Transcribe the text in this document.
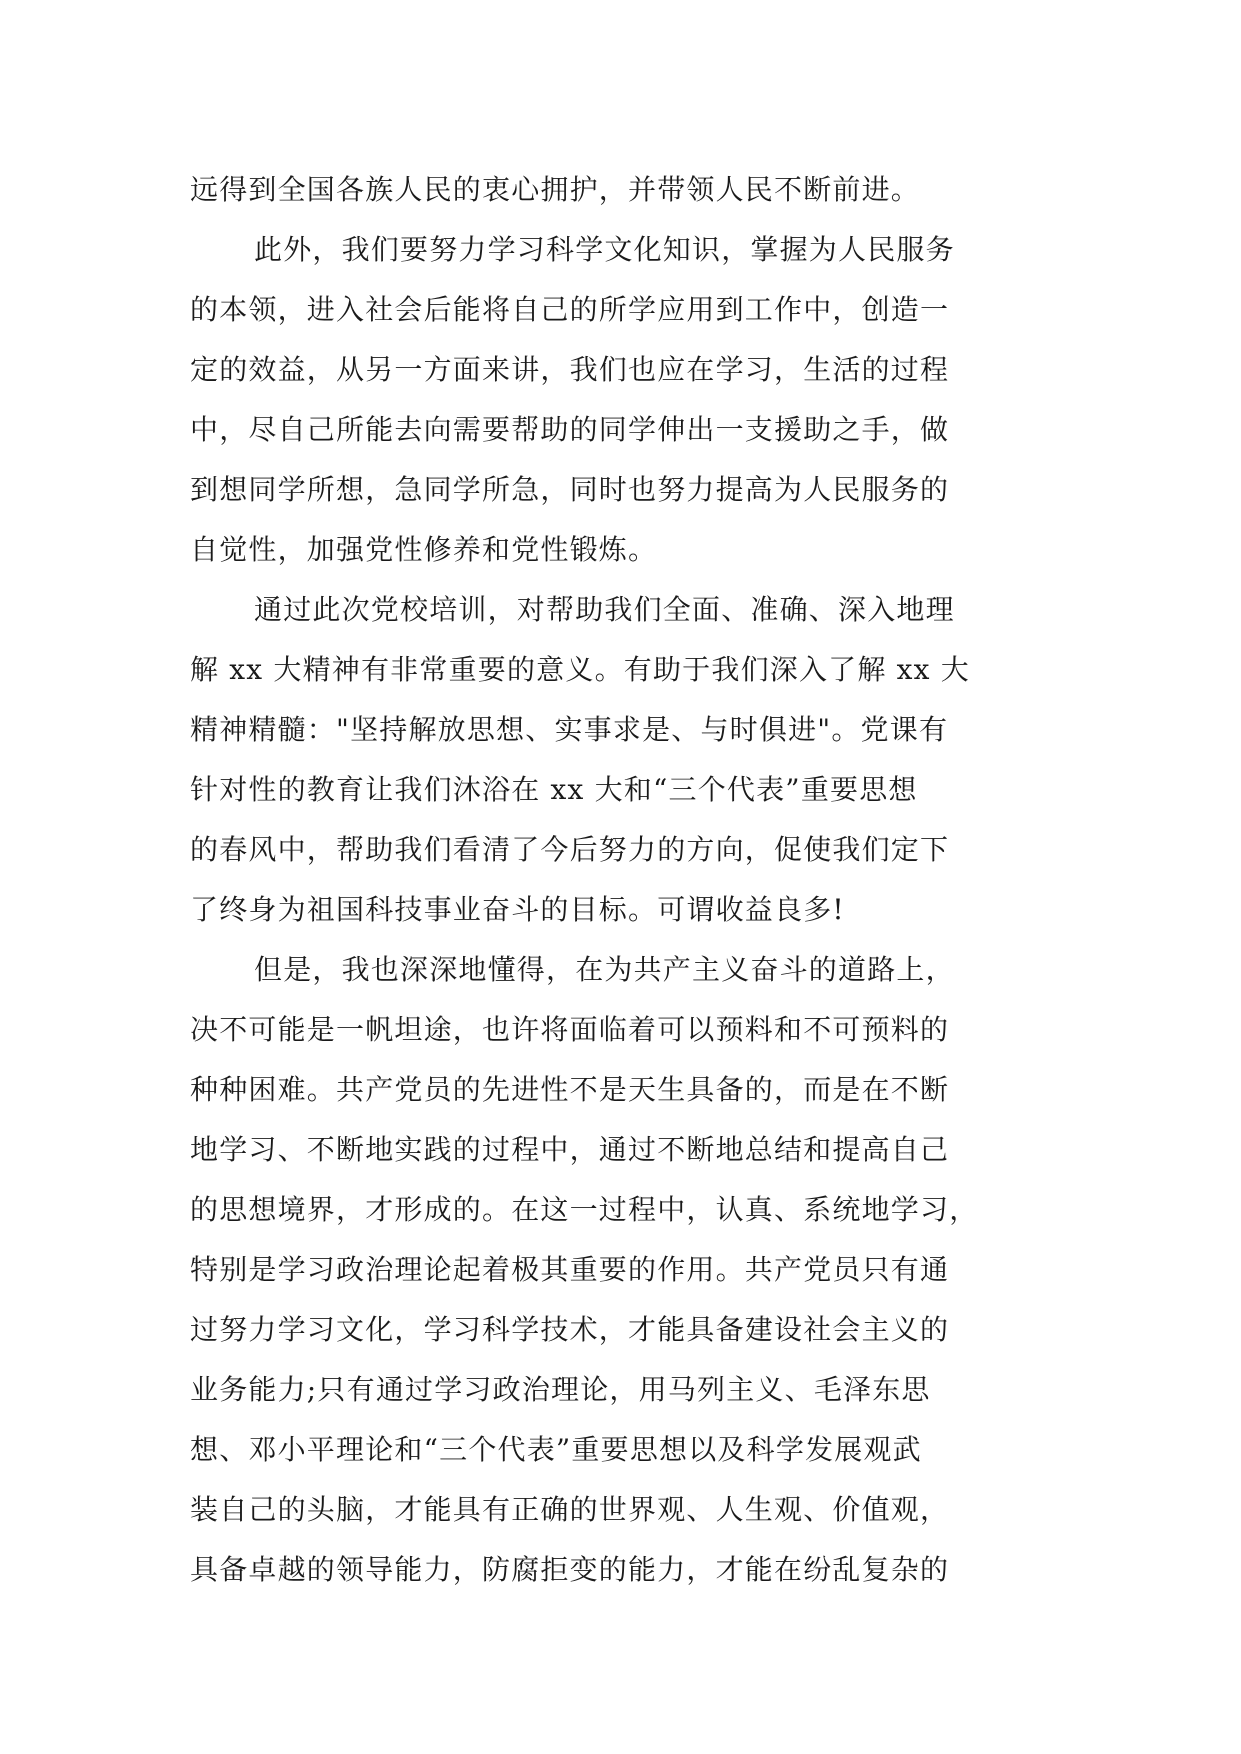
远得到全国各族人民的衷心拥护，并带领人民不断前进。
此外，我们要努力学习科学文化知识，掌握为人民服务
的本领，进入社会后能将自己的所学应用到工作中，创造一
定的效益，从另一方面来讲，我们也应在学习，生活的过程
中，尽自己所能去向需要帮助的同学伸出一支援助之手，做
到想同学所想，急同学所急，同时也努力提高为人民服务的
自觉性，加强党性修养和党性锻炼。
通过此次党校培训，对帮助我们全面、准确、深入地理
解 xx 大精神有非常重要的意义。有助于我们深入了解 xx 大
精神精髓："坚持解放思想、实事求是、与时俱进"。党课有
针对性的教育让我们沐浴在 xx 大和“三个代表”重要思想
的春风中，帮助我们看清了今后努力的方向，促使我们定下
了终身为祖国科技事业奋斗的目标。可谓收益良多!
但是，我也深深地懂得，在为共产主义奋斗的道路上，
决不可能是一帆坦途，也许将面临着可以预料和不可预料的
种种困难。共产党员的先进性不是天生具备的，而是在不断
地学习、不断地实践的过程中，通过不断地总结和提高自己
的思想境界，才形成的。在这一过程中，认真、系统地学习，
特别是学习政治理论起着极其重要的作用。共产党员只有通
过努力学习文化，学习科学技术，才能具备建设社会主义的
业务能力;只有通过学习政治理论，用马列主义、毛泽东思
想、邓小平理论和“三个代表”重要思想以及科学发展观武
装自己的头脑，才能具有正确的世界观、人生观、价值观，
具备卓越的领导能力，防腐拒变的能力，才能在纷乱复杂的
